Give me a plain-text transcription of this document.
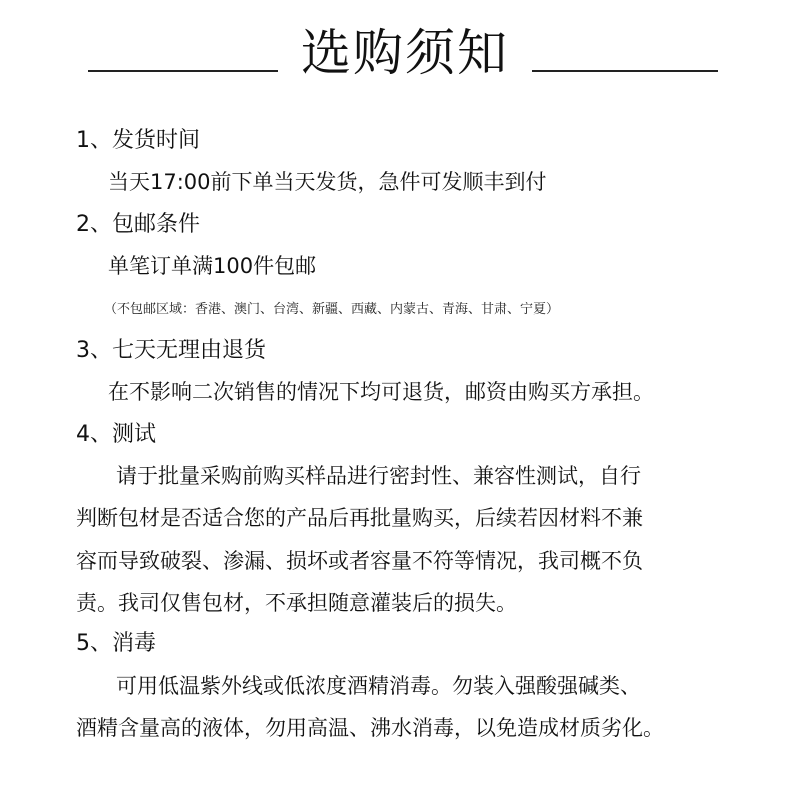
选购须知
1、发货时间
当天17:00前下单当天发货，急件可发顺丰到付
2、包邮条件
单笔订单满100件包邮
（不包邮区域：香港、澳门、台湾、新疆、西藏、内蒙古、青海、甘肃、宁夏）
3、七天无理由退货
在不影响二次销售的情况下均可退货，邮资由购买方承担。
4、测试
请于批量采购前购买样品进行密封性、兼容性测试，自行
判断包材是否适合您的产品后再批量购买，后续若因材料不兼
容而导致破裂、渗漏、损坏或者容量不符等情况，我司概不负
责。我司仅售包材，不承担随意灌装后的损失。
5、消毒
可用低温紫外线或低浓度酒精消毒。勿装入强酸强碱类、
酒精含量高的液体，勿用高温、沸水消毒，以免造成材质劣化。
